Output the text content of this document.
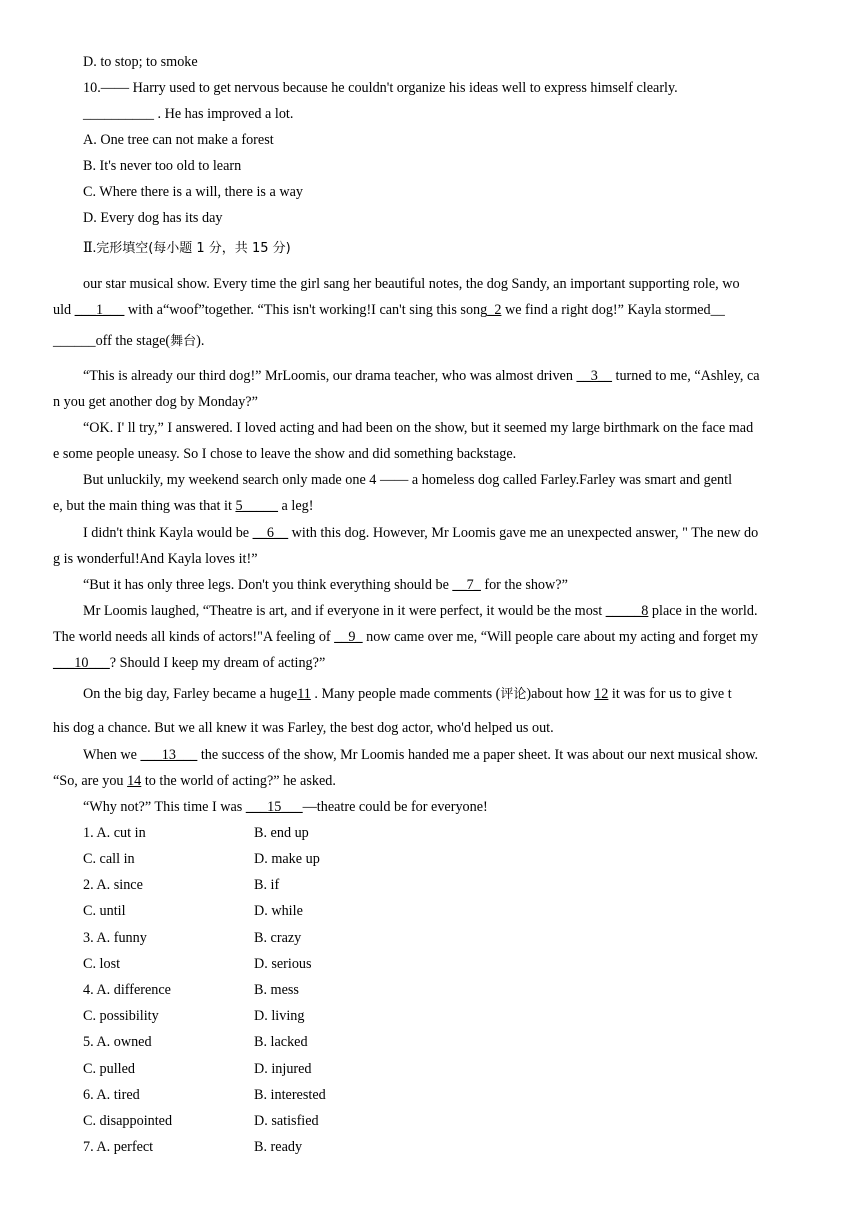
D. to stop; to smoke
10.—— Harry used to get nervous because he couldn't organize his ideas well to express himself clearly.
__________ . He has improved a lot.
A. One tree can not make a forest
B. It's never too old to learn
C. Where there is a will, there is a way
D. Every dog has its day
Ⅱ.完形填空(每小题 1 分，共 15 分)
our star musical show. Every time the girl sang her beautiful notes, the dog Sandy, an important supporting role, wo
uld ___1___ with a“woof”together. “This isn't working!I can't sing this song_2 we find a right dog!” Kayla stormed__
______off the stage(舞台).
“This is already our third dog!” MrLoomis, our drama teacher, who was almost driven __3__ turned to me, “Ashley, ca
n you get another dog by Monday?”
“OK. I' ll try,” I answered. I loved acting and had been on the show, but it seemed my large birthmark on the face mad
e some people uneasy. So I chose to leave the show and did something backstage.
But unluckily, my weekend search only made one 4 —— a homeless dog called Farley.Farley was smart and gentl
e, but the main thing was that it 5_____ a leg!
I didn't think Kayla would be __6__ with this dog. However, Mr Loomis gave me an unexpected answer, " The new do
g is wonderful!And Kayla loves it!”
“But it has only three legs. Don't you think everything should be __7_ for the show?”
Mr Loomis laughed, “Theatre is art, and if everyone in it were perfect, it would be the most _____8 place in the world.
The world needs all kinds of actors!"A feeling of __9_ now came over me, “Will people care about my acting and forget my
___10___? Should I keep my dream of acting?”
On the big day, Farley became a huge11 . Many people made comments (评论)about how 12 it was for us to give t
his dog a chance. But we all knew it was Farley, the best dog actor, who'd helped us out.
When we ___13___ the success of the show, Mr Loomis handed me a paper sheet. It was about our next musical show.
“So, are you 14 to the world of acting?” he asked.
“Why not?” This time I was ___15___—theatre could be for everyone!
1. A. cut in	B. end up
C. call in	D. make up
2. A. since	B. if
C. until	D. while
3. A. funny	B. crazy
C. lost	D. serious
4. A. difference	B. mess
C. possibility	D. living
5. A. owned	B. lacked
C. pulled	D. injured
6. A. tired	B. interested
C. disappointed	D. satisfied
7. A. perfect	B. ready
